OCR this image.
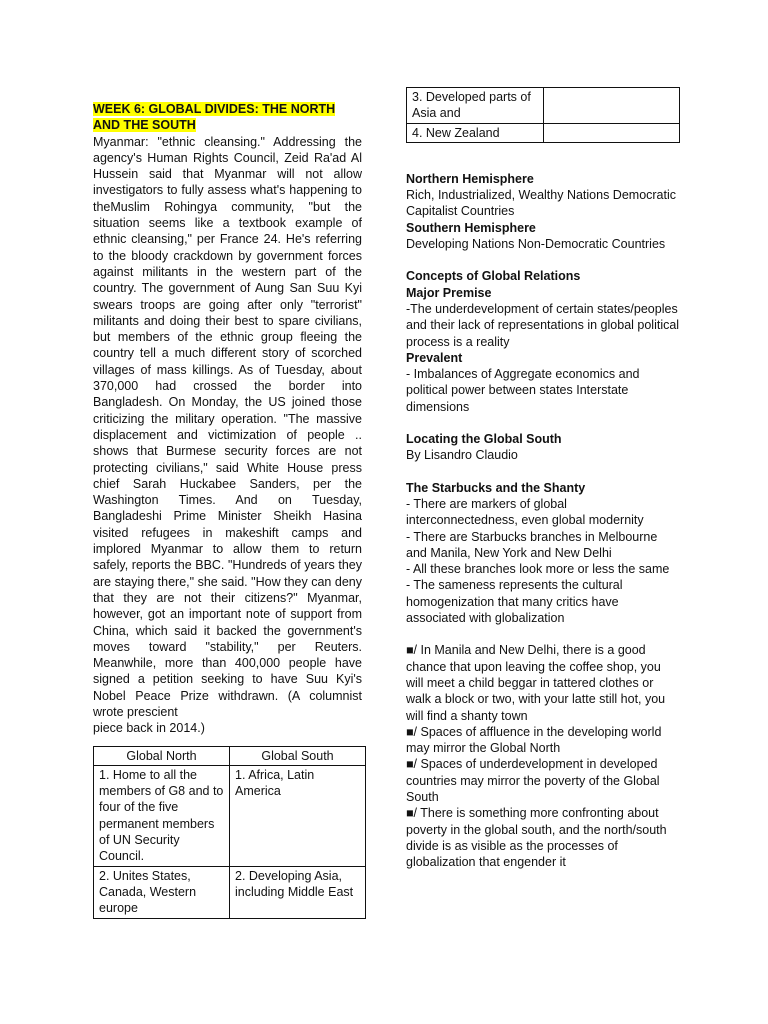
WEEK 6: GLOBAL DIVIDES: THE NORTH AND THE SOUTH

Myanmar: "ethnic cleansing." Addressing the agency's Human Rights Council, Zeid Ra'ad Al Hussein said that Myanmar will not allow investigators to fully assess what's happening to theMuslim Rohingya community, "but the situation seems like a textbook example of ethnic cleansing," per France 24. He's referring to the bloody crackdown by government forces against militants in the western part of the country. The government of Aung San Suu Kyi swears troops are going after only "terrorist" militants and doing their best to spare civilians, but members of the ethnic group fleeing the country tell a much different story of scorched villages of mass killings. As of Tuesday, about 370,000 had crossed the border into Bangladesh. On Monday, the US joined those criticizing the military operation. "The massive displacement and victimization of people .. shows that Burmese security forces are not protecting civilians," said White House press chief Sarah Huckabee Sanders, per the Washington Times. And on Tuesday, Bangladeshi Prime Minister Sheikh Hasina visited refugees in makeshift camps and implored Myanmar to allow them to return safely, reports the BBC. "Hundreds of years they are staying there," she said. "How they can deny that they are not their citizens?" Myanmar, however, got an important note of support from China, which said it backed the government's moves toward "stability," per Reuters. Meanwhile, more than 400,000 people have signed a petition seeking to have Suu Kyi's Nobel Peace Prize withdrawn. (A columnist wrote prescient

piece back in 2014.)

Global North	Global South
1. Home to all the members of G8 and to four of the five permanent members of UN Security Council.	1. Africa, Latin America
2. Unites States, Canada, Western europe	2. Developing Asia, including Middle East
3. Developed parts of Asia and	
4. New Zealand	

Northern Hemisphere

Rich, Industrialized, Wealthy Nations Democratic Capitalist Countries

Southern Hemisphere

Developing Nations Non-Democratic Countries

Concepts of Global Relations

Major Premise

-The underdevelopment of certain states/peoples and their lack of representations in global political process is a reality

Prevalent

- Imbalances of Aggregate economics and political power between states Interstate dimensions

Locating the Global South

By Lisandro Claudio

The Starbucks and the Shanty

- There are markers of global interconnectedness, even global modernity

- There are Starbucks branches in Melbourne and Manila, New York and New Delhi

- All these branches look more or less the same

- The sameness represents the cultural homogenization that many critics have associated with globalization

■/ In Manila and New Delhi, there is a good chance that upon leaving the coffee shop, you will meet a child beggar in tattered clothes or walk a block or two, with your latte still hot, you will find a shanty town

■/ Spaces of affluence in the developing world may mirror the Global North

■/ Spaces of underdevelopment in developed countries may mirror the poverty of the Global South

■/ There is something more confronting about poverty in the global south, and the north/south divide is as visible as the processes of globalization that engender it
